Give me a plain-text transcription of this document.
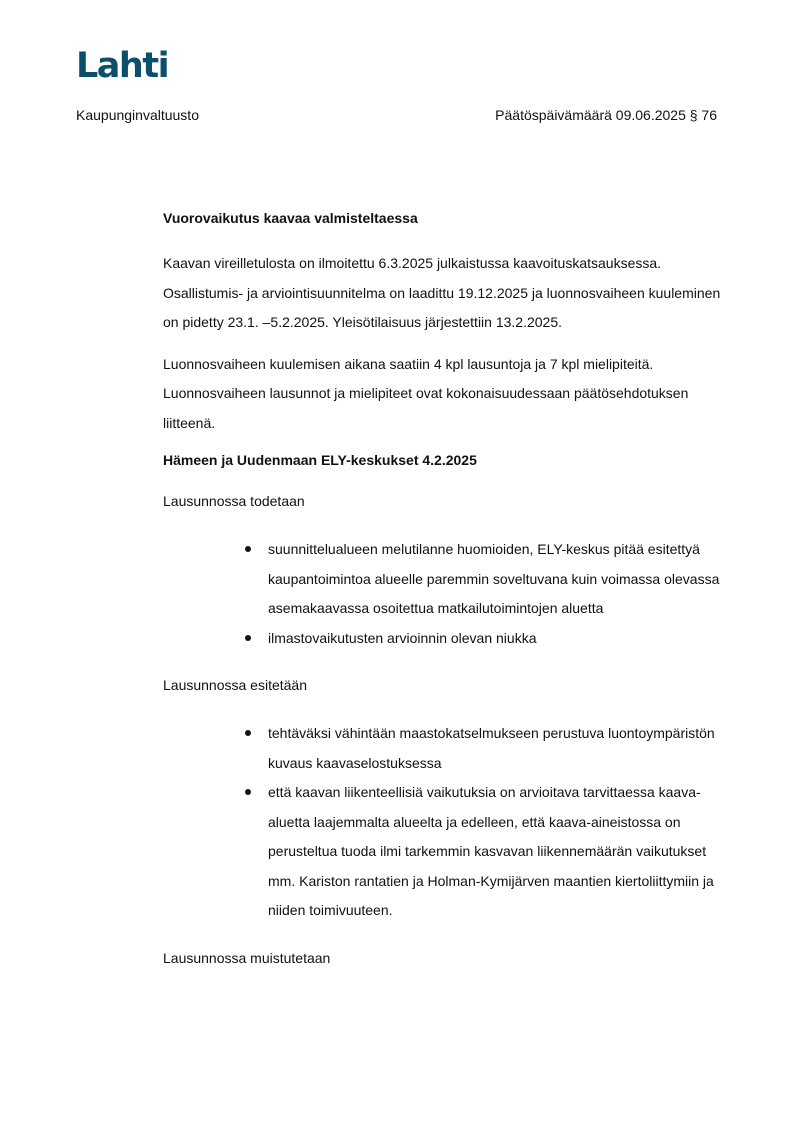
Lahti
Kaupunginvaltuusto	Päätöspäivämäärä 09.06.2025 § 76
Vuorovaikutus kaavaa valmisteltaessa
Kaavan vireilletulosta on ilmoitettu 6.3.2025 julkaistussa kaavoituskatsauksessa. Osallistumis- ja arviointisuunnitelma on laadittu 19.12.2025 ja luonnosvaiheen kuuleminen on pidetty 23.1. –5.2.2025. Yleisötilaisuus järjestettiin 13.2.2025.
Luonnosvaiheen kuulemisen aikana saatiin 4 kpl lausuntoja ja 7 kpl mielipiteitä. Luonnosvaiheen lausunnot ja mielipiteet ovat kokonaisuudessaan päätösehdotuksen liitteenä.
Hämeen ja Uudenmaan ELY-keskukset 4.2.2025
Lausunnossa todetaan
suunnittelualueen melutilanne huomioiden, ELY-keskus pitää esitettyä kaupantoimintoa alueelle paremmin soveltuvana kuin voimassa olevassa asemakaavassa osoitettua matkailutoimintojen aluetta
ilmastovaikutusten arvioinnin olevan niukka
Lausunnossa esitetään
tehtäväksi vähintään maastokatselmukseen perustuva luontoympäristön kuvaus kaavaselostuksessa
että kaavan liikenteellisiä vaikutuksia on arvioitava tarvittaessa kaava-aluetta laajemmalta alueelta ja edelleen, että kaava-aineistossa on perusteltua tuoda ilmi tarkemmin kasvavan liikennemäärän vaikutukset mm. Kariston rantatien ja Holman-Kymijärven maantien kiertoliittymiin ja niiden toimivuuteen.
Lausunnossa muistutetaan
